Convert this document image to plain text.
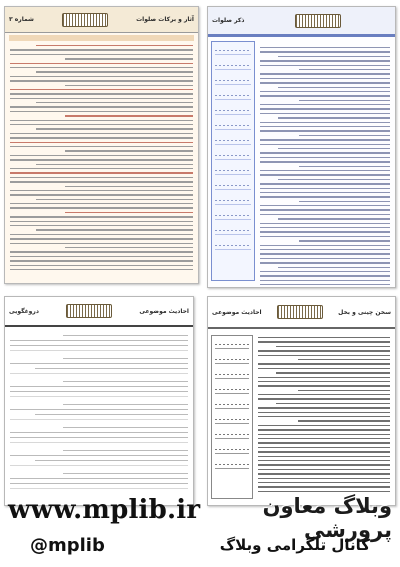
شماره ۳	آثار و برکات صلوات	ذکر صلوات
دروغگویی	احادیث موضوعی	احادیث موضوعی	سخن چینی و بخل
www.mplib.ir	وبلاگ معاون پرورشی
@mplib	کانال تلگرامی وبلاگ
